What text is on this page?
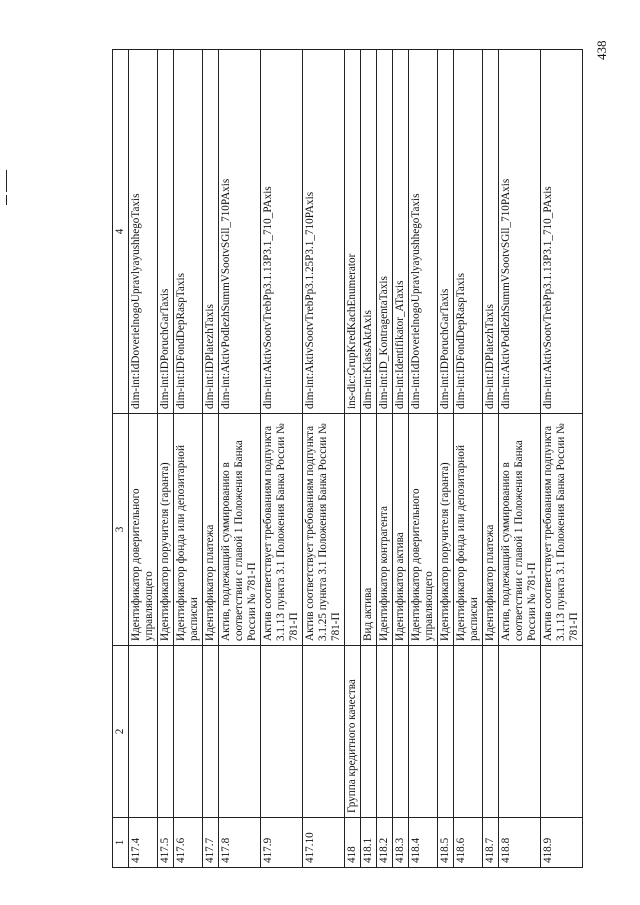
438
1	2	3	4
417.4		Идентификатор доверительного управляющего	dim-int:IdDoverielnogoUpravlyayushhegoTaxis
417.5		Идентификатор поручителя (гаранта)	dim-int:IDPoruchGarTaxis
417.6		Идентификатор фонда или депозитарной расписки	dim-int:IDFondDepRaspTaxis
417.7		Идентификатор платежа	dim-int:IDPlatezhTaxis
417.8		Актив, подлежащий суммированию в соответствии с главой 1 Положения Банка России № 781-П	dim-int:AktivPodlezhSummVSootvSGll_710PAxis
417.9		Актив соответствует требованиям подпункта 3.1.13 пункта 3.1 Положения Банка России № 781-П	dim-int:AktivSootvTrebPp3.1.13P3.1_710_PAxis
417.10		Актив соответствует требованиям подпункта 3.1.25 пункта 3.1 Положения Банка России № 781-П	dim-int:AktivSootvTrebPp3.1.25P3.1_710PAxis
418	Группа кредитного качества		ins-dic:GrupKredKachEnumerator
418.1		Вид актива	dim-int:KlassAktAxis
418.2		Идентификатор контрагента	dim-int:ID_KontragentaTaxis
418.3		Идентификатор актива	dim-int:Identifikator_ATaxis
418.4		Идентификатор доверительного управляющего	dim-int:IdDoverielnogoUpravlyayushhegoTaxis
418.5		Идентификатор поручителя (гаранта)	dim-int:IDPoruchGarTaxis
418.6		Идентификатор фонда или депозитарной расписки	dim-int:IDFondDepRaspTaxis
418.7		Идентификатор платежа	dim-int:IDPlatezhTaxis
418.8		Актив, подлежащий суммированию в соответствии с главой 1 Положения Банка России № 781-П	dim-int:AktivPodlezhSummVSootvSGll_710PAxis
418.9		Актив соответствует требованиям подпункта 3.1.13 пункта 3.1 Положения Банка России № 781-П	dim-int:AktivSootvTrebPp3.1.13P3.1_710_PAxis
